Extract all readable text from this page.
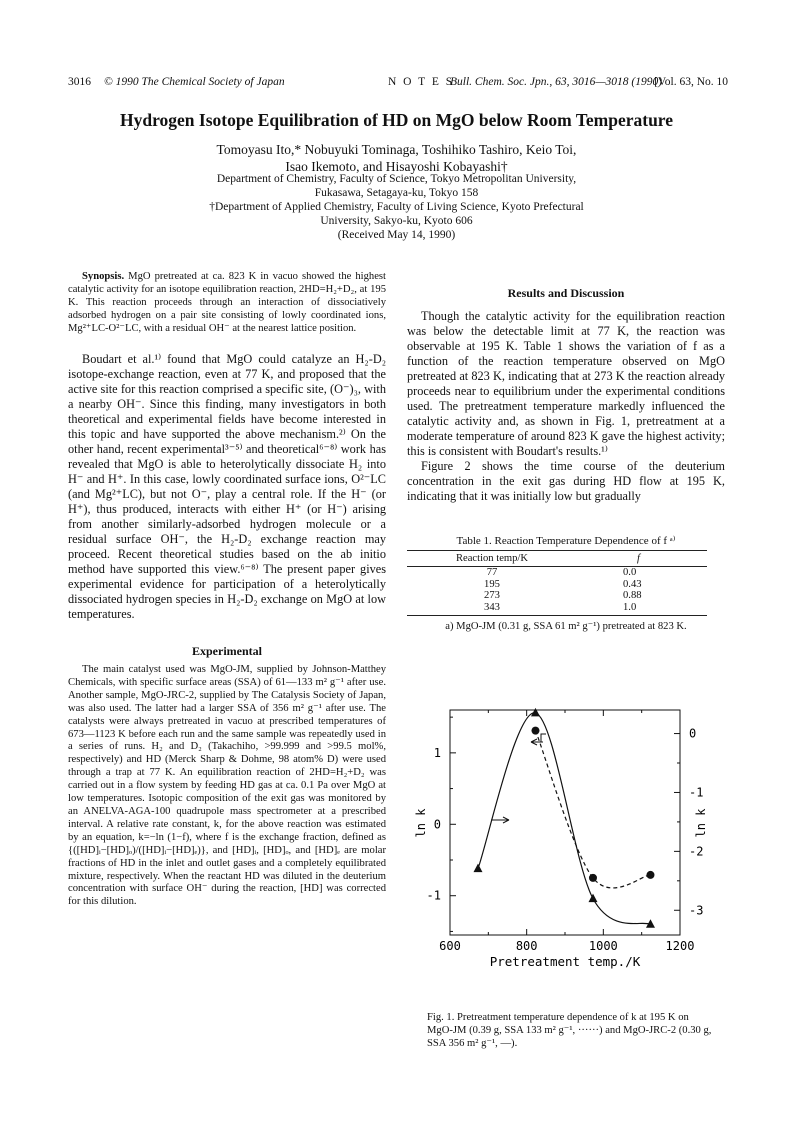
3016 © 1990 The Chemical Society of Japan	N O T E S
Bull. Chem. Soc. Jpn., 63, 3016—3018 (1990)
[Vol. 63, No. 10
Hydrogen Isotope Equilibration of HD on MgO below Room Temperature
Tomoyasu Ito,* Nobuyuki Tominaga, Toshihiko Tashiro, Keio Toi,
Isao Ikemoto, and Hisayoshi Kobayashi†
Department of Chemistry, Faculty of Science, Tokyo Metropolitan University,
Fukasawa, Setagaya-ku, Tokyo 158
†Department of Applied Chemistry, Faculty of Living Science, Kyoto Prefectural
University, Sakyo-ku, Kyoto 606
(Received May 14, 1990)

Synopsis. MgO pretreated at ca. 823 K in vacuo showed the highest catalytic activity for an isotope equilibration reaction, 2HD=H₂+D₂, at 195 K. This reaction proceeds through an interaction of dissociatively adsorbed hydrogen on a pair site consisting of lowly coordinated ions, Mg²⁺LC-O²⁻LC, with a residual OH⁻ at the nearest lattice position.

Boudart et al.¹⁾ found that MgO could catalyze an H₂-D₂ isotope-exchange reaction, even at 77 K, and proposed that the active site for this reaction comprised a specific site, (O⁻)₃, with a nearby OH⁻. Since this finding, many investigators in both theoretical and experimental fields have become interested in this topic and have supported the above mechanism.²⁾ On the other hand, recent experimental³⁻⁵⁾ and theoretical⁶⁻⁸⁾ work has revealed that MgO is able to heterolytically dissociate H₂ into H⁻ and H⁺. In this case, lowly coordinated surface ions, O²⁻LC (and Mg²⁺LC), but not O⁻, play a central role. If the H⁻ (or H⁺), thus produced, interacts with either H⁺ (or H⁻) arising from another similarly-adsorbed hydrogen molecule or a residual surface OH⁻, the H₂-D₂ exchange reaction may proceed. Recent theoretical studies based on the ab initio method have supported this view.⁶⁻⁸⁾ The present paper gives experimental evidence for participation of a heterolytically dissociated hydrogen species in H₂-D₂ exchange on MgO at low temperatures.

Experimental

The main catalyst used was MgO-JM, supplied by Johnson-Matthey Chemicals, with specific surface areas (SSA) of 61—133 m² g⁻¹ after use. Another sample, MgO-JRC-2, supplied by The Catalysis Society of Japan, was also used. The latter had a larger SSA of 356 m² g⁻¹ after use. The catalysts were always pretreated in vacuo at prescribed temperatures of 673—1123 K before each run and the same sample was repeatedly used in a series of runs. H₂ and D₂ (Takachiho, >99.999 and >99.5 mol%, respectively) and HD (Merck Sharp & Dohme, 98 atom% D) were used through a trap at 77 K. An equilibration reaction of 2HD=H₂+D₂ was carried out in a flow system by feeding HD gas at ca. 0.1 Pa over MgO at low temperatures. Isotopic composition of the exit gas was monitored by an ANELVA-AGA-100 quadrupole mass spectrometer at a prescribed interval. A relative rate constant, k, for the above reaction was estimated by an equation, k=−ln (1−f), where f is the exchange fraction, defined as {([HD]ᵢ−[HD]ₒ)/([HD]ᵢ−[HD]ₑ)}, and [HD]ᵢ, [HD]ₒ, and [HD]ₑ are molar fractions of HD in the inlet and outlet gases and a completely equilibrated mixture, respectively. When the reactant HD was diluted in the deuterium concentration with surface OH⁻ during the reaction, [HD] was corrected for this dilution.

Results and Discussion

Though the catalytic activity for the equilibration reaction was below the detectable limit at 77 K, the reaction was observable at 195 K. Table 1 shows the variation of f as a function of the reaction temperature observed on MgO pretreated at 823 K, indicating that at 273 K the reaction already proceeds near to equilibrium under the experimental conditions used. The pretreatment temperature markedly influenced the catalytic activity and, as shown in Fig. 1, pretreatment at a moderate temperature of around 823 K gave the highest activity; this is consistent with Boudart's results.¹⁾

Figure 2 shows the time course of the deuterium concentration in the exit gas during HD flow at 195 K, indicating that it was initially low but gradually

Table 1. Reaction Temperature Dependence of f ᵃ⁾
Reaction temp/K	f
77	0.0
195	0.43
273	0.88
343	1.0
a) MgO-JM (0.31 g, SSA 61 m² g⁻¹) pretreated at 823 K.
600	800	1000	1200
1
0
-1
0
-1
-2
-3
ln k	ln k
Pretreatment temp./K
Fig. 1. Pretreatment temperature dependence of k at 195 K on MgO-JM (0.39 g, SSA 133 m² g⁻¹, ······) and MgO-JRC-2 (0.30 g, SSA 356 m² g⁻¹, —).
